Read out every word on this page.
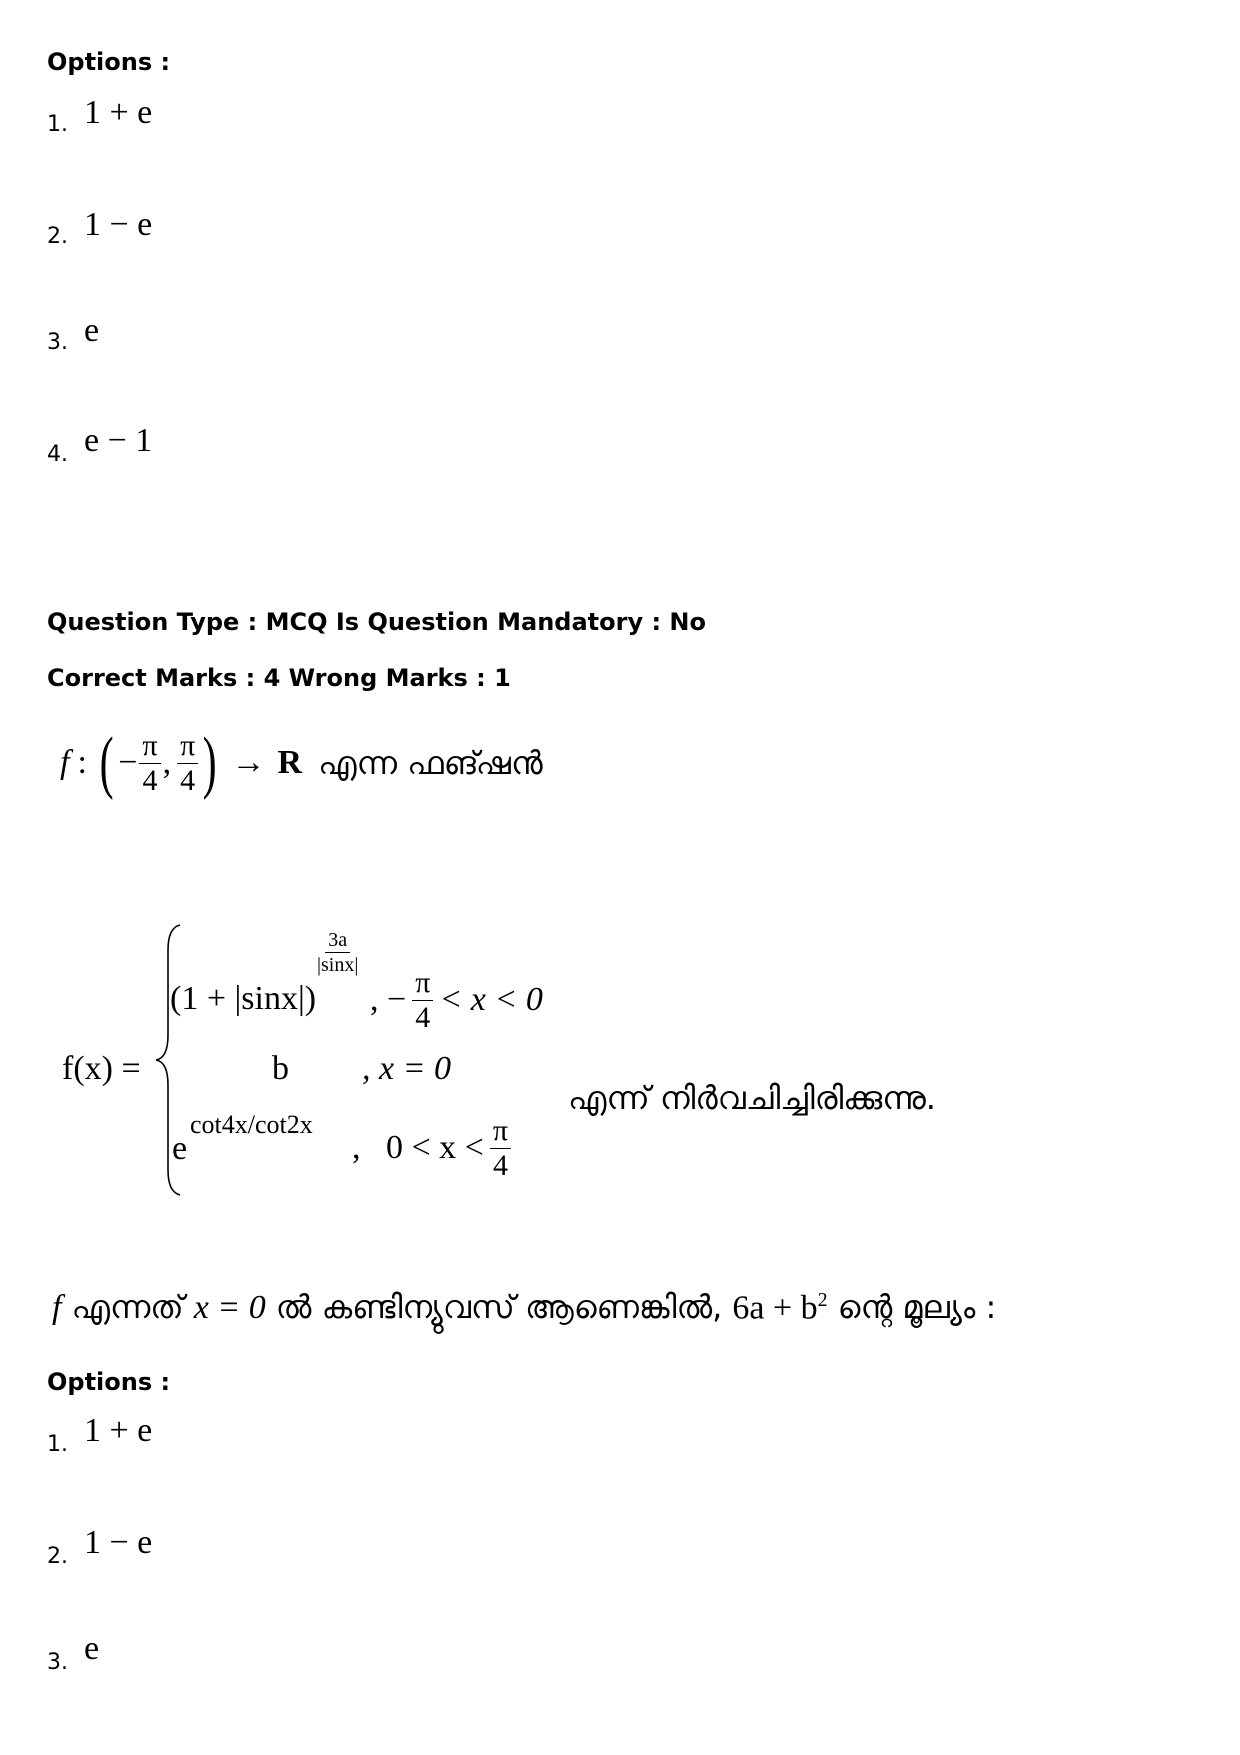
Options :
1. 1 + e
2. 1 − e
3. e
4. e − 1
Question Type : MCQ Is Question Mandatory : No
Correct Marks : 4 Wrong Marks : 1
f : ( − $\frac{\pi}{4}$ , $\frac{\pi}{4}$ ) → R എന്ന ഫങ്ഷൻ
f(x) =
(1 + |sinx|)
$\frac{3a}{|\sin x|}$
, − $\frac{\pi}{4} < x < 0$
b , x = 0
e
cot4x/cot2x
,   $0 < x < \frac{\pi}{4}$
എന്ന് നിർവചിച്ചിരിക്കുന്നു.
f എന്നത് x = 0 ൽ കണ്ടിന്യുവസ് ആണെങ്കിൽ, $6a + b^2$ ന്റെ മൂല്യം :
Options :
1. 1 + e
2. 1 − e
3. e
